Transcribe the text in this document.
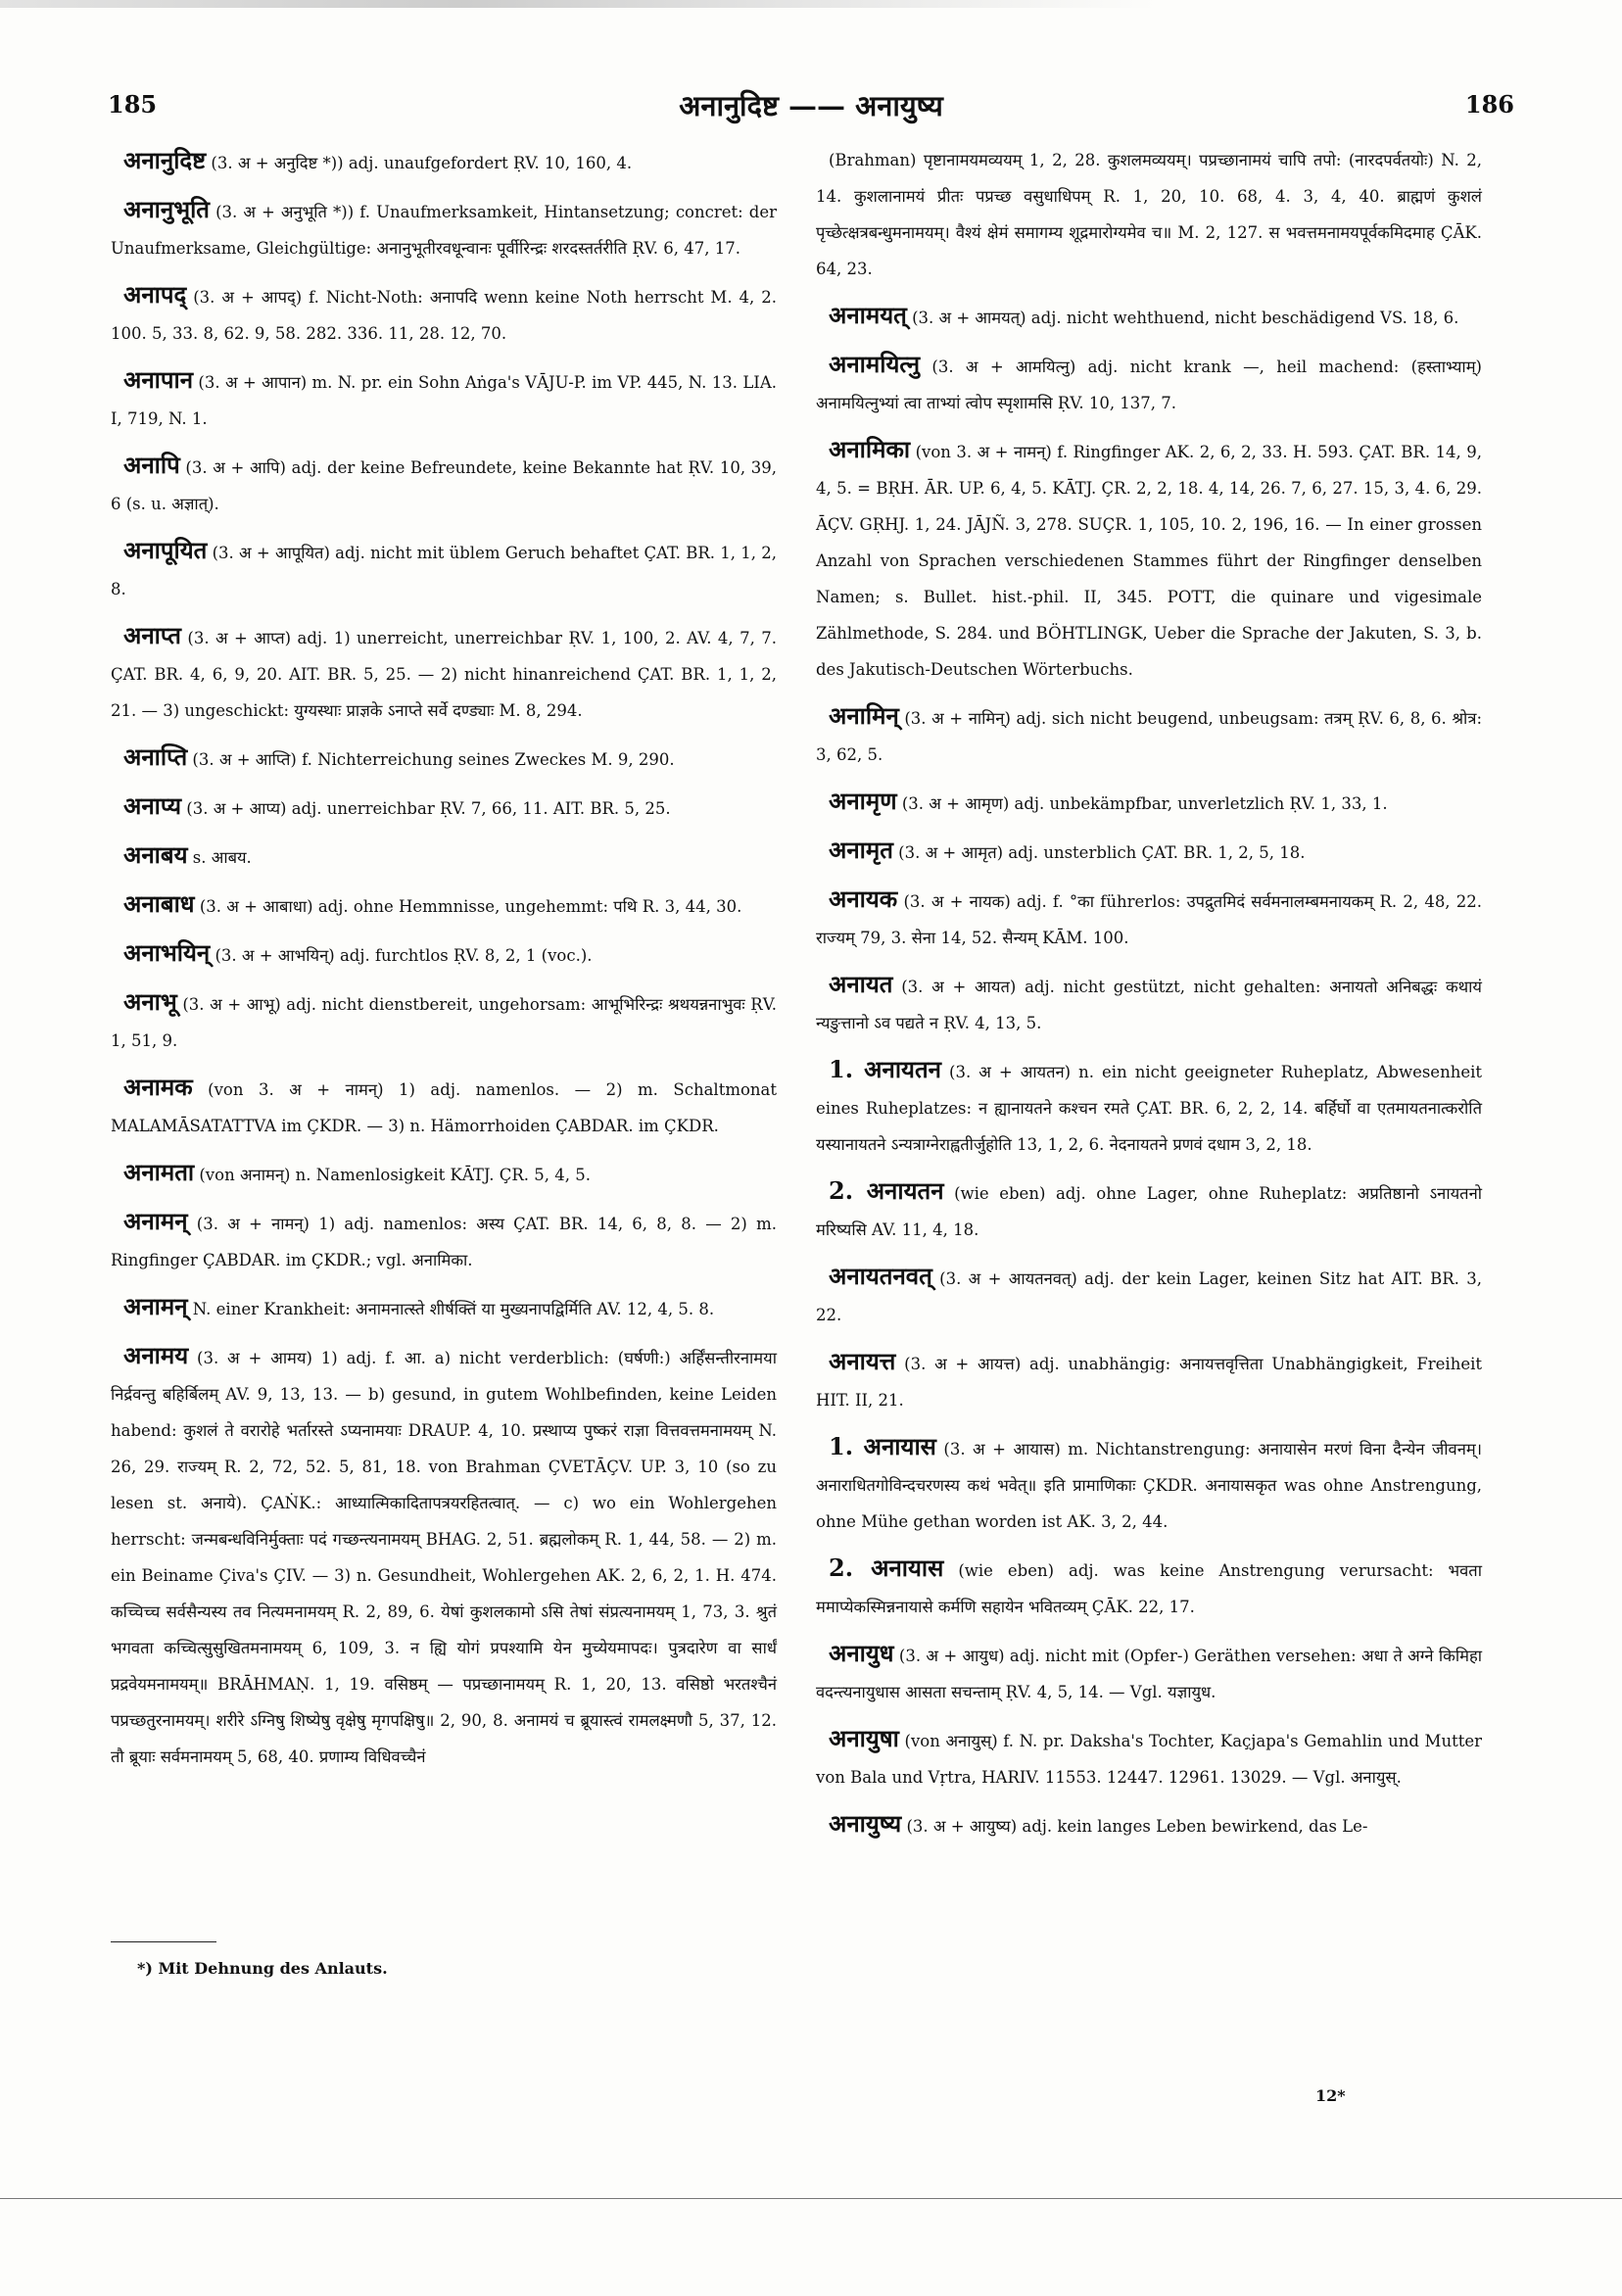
185	अनानुदिष्ट —— अनायुष्य	186
अनानुदिष्ट (3. अ + अनुदिष्ट *)) adj. unaufgefordert ṚV. 10, 160, 4.
अनानुभूति (3. अ + अनुभूति *)) f. Unaufmerksamkeit, Hintansetzung; concret: der Unaufmerksame, Gleichgültige: अनानुभूतीरवधून्वानः पूर्वीरिन्द्रः शरदस्तर्तरीति ṚV. 6, 47, 17.
अनापद् (3. अ + आपद्) f. Nicht-Noth: अनापदि wenn keine Noth herrscht M. 4, 2. 100. 5, 33. 8, 62. 9, 58. 282. 336. 11, 28. 12, 70.
अनापान (3. अ + आपान) m. N. pr. ein Sohn Aṅga's VĀJU-P. im VP. 445, N. 13. LIA. I, 719, N. 1.
अनापि (3. अ + आपि) adj. der keine Befreundete, keine Bekannte hat ṚV. 10, 39, 6 (s. u. अज्ञात्).
अनापूयित (3. अ + आपूयित) adj. nicht mit üblem Geruch behaftet ÇAT. BR. 1, 1, 2, 8.
अनाप्त (3. अ + आप्त) adj. 1) unerreicht, unerreichbar ṚV. 1, 100, 2. AV. 4, 7, 7. ÇAT. BR. 4, 6, 9, 20. AIT. BR. 5, 25. — 2) nicht hinanreichend ÇAT. BR. 1, 1, 2, 21. — 3) ungeschickt: युग्यस्थाः प्राज्ञके ऽनाप्ते सर्वे दण्ड्याः M. 8, 294.
अनाप्ति (3. अ + आप्ति) f. Nichterreichung seines Zweckes M. 9, 290.
अनाप्य (3. अ + आप्य) adj. unerreichbar ṚV. 7, 66, 11. AIT. BR. 5, 25.
अनाबय s. आबय.
अनाबाध (3. अ + आबाधा) adj. ohne Hemmnisse, ungehemmt: पथि R. 3, 44, 30.
अनाभयिन् (3. अ + आभयिन्) adj. furchtlos ṚV. 8, 2, 1 (voc.).
अनाभू (3. अ + आभू) adj. nicht dienstbereit, ungehorsam: आभूभिरिन्द्रः श्रथयन्ननाभुवः ṚV. 1, 51, 9.
अनामक (von 3. अ + नामन्) 1) adj. namenlos. — 2) m. Schaltmonat MALAMĀSATATTVA im ÇKDR. — 3) n. Hämorrhoiden ÇABDAR. im ÇKDR.
अनामता (von अनामन्) n. Namenlosigkeit KĀTJ. ÇR. 5, 4, 5.
अनामन् (3. अ + नामन्) 1) adj. namenlos: अस्य ÇAT. BR. 14, 6, 8, 8. — 2) m. Ringfinger ÇABDAR. im ÇKDR.; vgl. अनामिका.
अनामन् N. einer Krankheit: अनामनात्स्ते शीर्षक्तिं या मुख्यनापद्विर्मिति AV. 12, 4, 5. 8.
अनामय (3. अ + आमय) 1) adj. f. आ. a) nicht verderblich: (घर्षणी:) अर्हिंसन्तीरनामया निर्द्रवन्तु बहिर्बिलम् AV. 9, 13, 13. — b) gesund, in gutem Wohlbefinden, keine Leiden habend: कुशलं ते वरारोहे भर्तारस्ते ऽप्यनामयाः DRAUP. 4, 10. प्रस्थाप्य पुष्करं राज्ञा वित्तवत्तमनामयम् N. 26, 29. राज्यम् R. 2, 72, 52. 5, 81, 18. von Brahman ÇVETĀÇV. UP. 3, 10 (so zu lesen st. अनाये). ÇAṄK.: आध्यात्मिकादितापत्रयरहितत्वात्. — c) wo ein Wohlergehen herrscht: जन्मबन्धविनिर्मुक्ताः पदं गच्छन्त्यनामयम् BHAG. 2, 51. ब्रह्मलोकम् R. 1, 44, 58. — 2) m. ein Beiname Çiva's ÇIV. — 3) n. Gesundheit, Wohlergehen AK. 2, 6, 2, 1. H. 474. कच्चिच्च सर्वसैन्यस्य तव नित्यमनामयम् R. 2, 89, 6. येषां कुशलकामो ऽसि तेषां संप्रत्यनामयम् 1, 73, 3. श्रुतं भगवता कच्चित्सुसुखितमनामयम् 6, 109, 3. न ह्यि योगं प्रपश्यामि येन मुच्येयमापदः। पुत्रदारेण वा सार्धं प्रद्रवेयमनामयम्॥ BRĀHMAṆ. 1, 19. वसिष्ठम् — पप्रच्छानामयम् R. 1, 20, 13. वसिष्ठो भरतश्चैनं पप्रच्छतुरनामयम्। शरीरे ऽग्निषु शिष्येषु वृक्षेषु मृगपक्षिषु॥ 2, 90, 8. अनामयं च ब्रूयास्त्वं रामलक्ष्मणौ 5, 37, 12. तौ ब्रूयाः सर्वमनामयम् 5, 68, 40. प्रणाम्य विधिवच्चैनं
(Brahman) पृष्टानामयमव्ययम् 1, 2, 28. कुशलमव्ययम्। पप्रच्छानामयं चापि तपो: (नारदपर्वतयोः) N. 2, 14. कुशलानामयं प्रीतः पप्रच्छ वसुधाधिपम् R. 1, 20, 10. 68, 4. 3, 4, 40. ब्राह्मणं कुशलं पृच्छेत्क्षत्रबन्धुमनामयम्। वैश्यं क्षेमं समागम्य शूद्रमारोग्यमेव च॥ M. 2, 127. स भवत्तमनामयपूर्वकमिदमाह ÇĀK. 64, 23.
अनामयत् (3. अ + आमयत्) adj. nicht wehthuend, nicht beschädigend VS. 18, 6.
अनामयित्नु (3. अ + आमयित्नु) adj. nicht krank —, heil machend: (हस्ताभ्याम्) अनामयित्नुभ्यां त्वा ताभ्यां त्वोप स्पृशामसि ṚV. 10, 137, 7.
अनामिका (von 3. अ + नामन्) f. Ringfinger AK. 2, 6, 2, 33. H. 593. ÇAT. BR. 14, 9, 4, 5. = BṚH. ĀR. UP. 6, 4, 5. KĀTJ. ÇR. 2, 2, 18. 4, 14, 26. 7, 6, 27. 15, 3, 4. 6, 29. ĀÇV. GṚHJ. 1, 24. JĀJÑ. 3, 278. SUÇR. 1, 105, 10. 2, 196, 16. — In einer grossen Anzahl von Sprachen verschiedenen Stammes führt der Ringfinger denselben Namen; s. Bullet. hist.-phil. II, 345. POTT, die quinare und vigesimale Zählmethode, S. 284. und BÖHTLINGK, Ueber die Sprache der Jakuten, S. 3, b. des Jakutisch-Deutschen Wörterbuchs.
अनामिन् (3. अ + नामिन्) adj. sich nicht beugend, unbeugsam: तत्रम् ṚV. 6, 8, 6. श्रोत्र: 3, 62, 5.
अनामृण (3. अ + आमृण) adj. unbekämpfbar, unverletzlich ṚV. 1, 33, 1.
अनामृत (3. अ + आमृत) adj. unsterblich ÇAT. BR. 1, 2, 5, 18.
अनायक (3. अ + नायक) adj. f. °का führerlos: उपद्रुतमिदं सर्वमनालम्बमनायकम् R. 2, 48, 22. राज्यम् 79, 3. सेना 14, 52. सैन्यम् KĀM. 100.
अनायत (3. अ + आयत) adj. nicht gestützt, nicht gehalten: अनायतो अनिबद्धः कथायं न्यङुत्तानो ऽव पद्यते न ṚV. 4, 13, 5.
1. अनायतन (3. अ + आयतन) n. ein nicht geeigneter Ruheplatz, Abwesenheit eines Ruheplatzes: न ह्यानायतने कश्चन रमते ÇAT. BR. 6, 2, 2, 14. बर्हिर्घो वा एतमायतनात्करोति यस्यानायतने ऽन्यत्राग्नेराह्वतीर्जुहोति 13, 1, 2, 6. नेदनायतने प्रणवं दधाम 3, 2, 18.
2. अनायतन (wie eben) adj. ohne Lager, ohne Ruheplatz: अप्रतिष्ठानो ऽनायतनो मरिष्यसि AV. 11, 4, 18.
अनायतनवत् (3. अ + आयतनवत्) adj. der kein Lager, keinen Sitz hat AIT. BR. 3, 22.
अनायत्त (3. अ + आयत्त) adj. unabhängig: अनायत्तवृत्तिता Unabhängigkeit, Freiheit HIT. II, 21.
1. अनायास (3. अ + आयास) m. Nichtanstrengung: अनायासेन मरणं विना दैन्येन जीवनम्। अनाराधितगोविन्दचरणस्य कथं भवेत्॥ इति प्रामाणिकाः ÇKDR. अनायासकृत was ohne Anstrengung, ohne Mühe gethan worden ist AK. 3, 2, 44.
2. अनायास (wie eben) adj. was keine Anstrengung verursacht: भवता ममाप्येकस्मिन्ननायासे कर्मणि सहायेन भवितव्यम् ÇĀK. 22, 17.
अनायुध (3. अ + आयुध) adj. nicht mit (Opfer-) Geräthen versehen: अधा ते अग्ने किमिहा वदन्त्यनायुधास आसता सचन्ताम् ṚV. 4, 5, 14. — Vgl. यज्ञायुध.
अनायुषा (von अनायुस्) f. N. pr. Daksha's Tochter, Kaçjapa's Gemahlin und Mutter von Bala und Vṛtra, HARIV. 11553. 12447. 12961. 13029. — Vgl. अनायुस्.
अनायुष्य (3. अ + आयुष्य) adj. kein langes Leben bewirkend, das Le-
*) Mit Dehnung des Anlauts.
12*
